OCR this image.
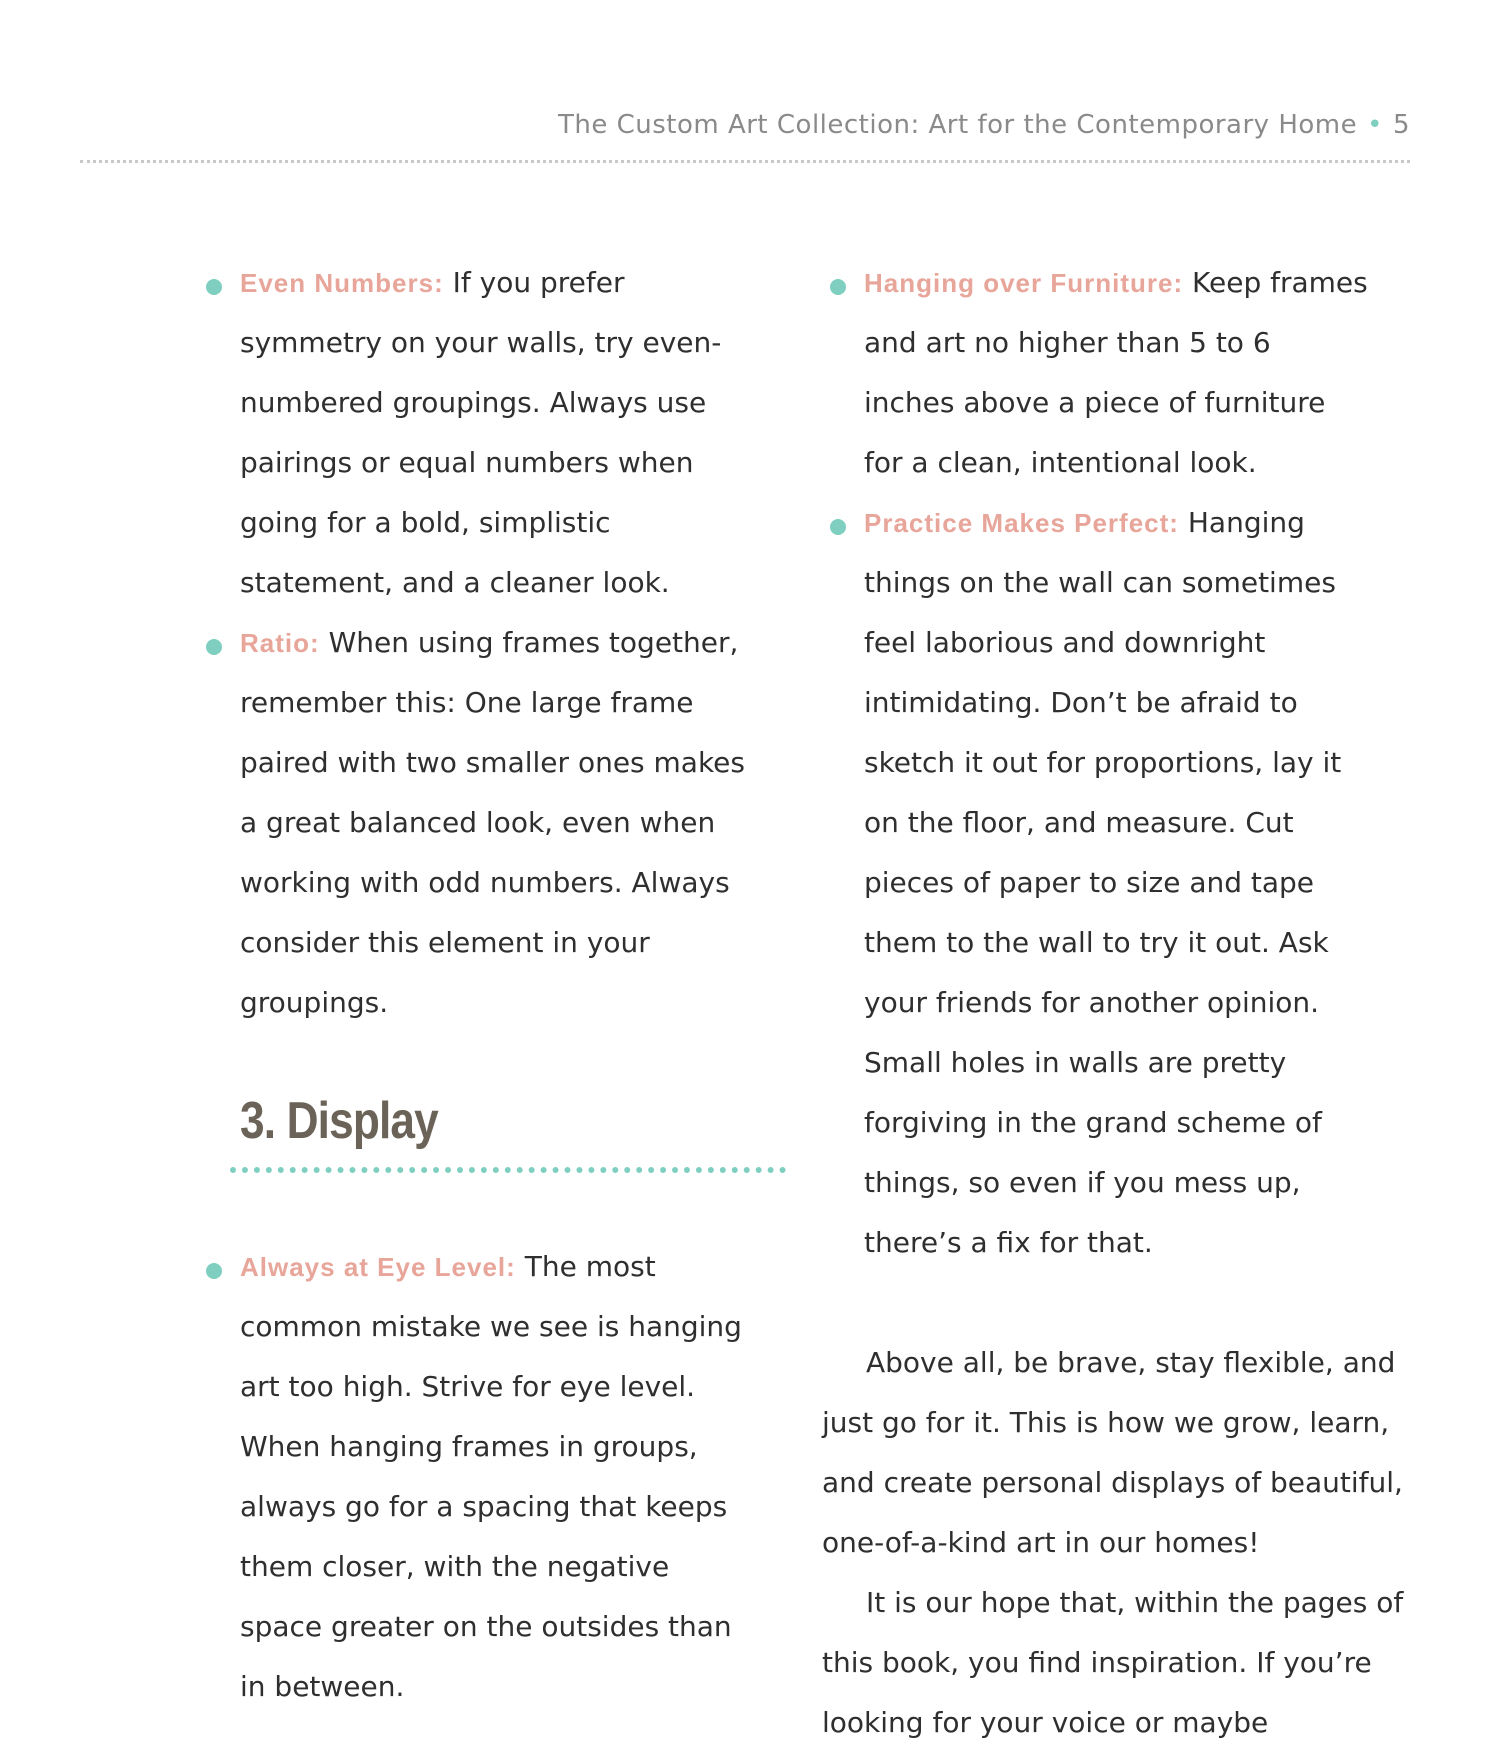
The Custom Art Collection: Art for the Contemporary Home • 5
Even Numbers: If you prefer symmetry on your walls, try even-numbered groupings. Always use pairings or equal numbers when going for a bold, simplistic statement, and a cleaner look.
Ratio: When using frames together, remember this: One large frame paired with two smaller ones makes a great balanced look, even when working with odd numbers. Always consider this element in your groupings.
3. Display
Always at Eye Level: The most common mistake we see is hanging art too high. Strive for eye level. When hanging frames in groups, always go for a spacing that keeps them closer, with the negative space greater on the outsides than in between.
Hanging over Furniture: Keep frames and art no higher than 5 to 6 inches above a piece of furniture for a clean, intentional look.
Practice Makes Perfect: Hanging things on the wall can sometimes feel laborious and downright intimidating. Don’t be afraid to sketch it out for proportions, lay it on the floor, and measure. Cut pieces of paper to size and tape them to the wall to try it out. Ask your friends for another opinion. Small holes in walls are pretty forgiving in the grand scheme of things, so even if you mess up, there’s a fix for that.

Above all, be brave, stay flexible, and just go for it. This is how we grow, learn, and create personal displays of beautiful, one-of-a-kind art in our homes!

It is our hope that, within the pages of this book, you find inspiration. If you’re looking for your voice or maybe
